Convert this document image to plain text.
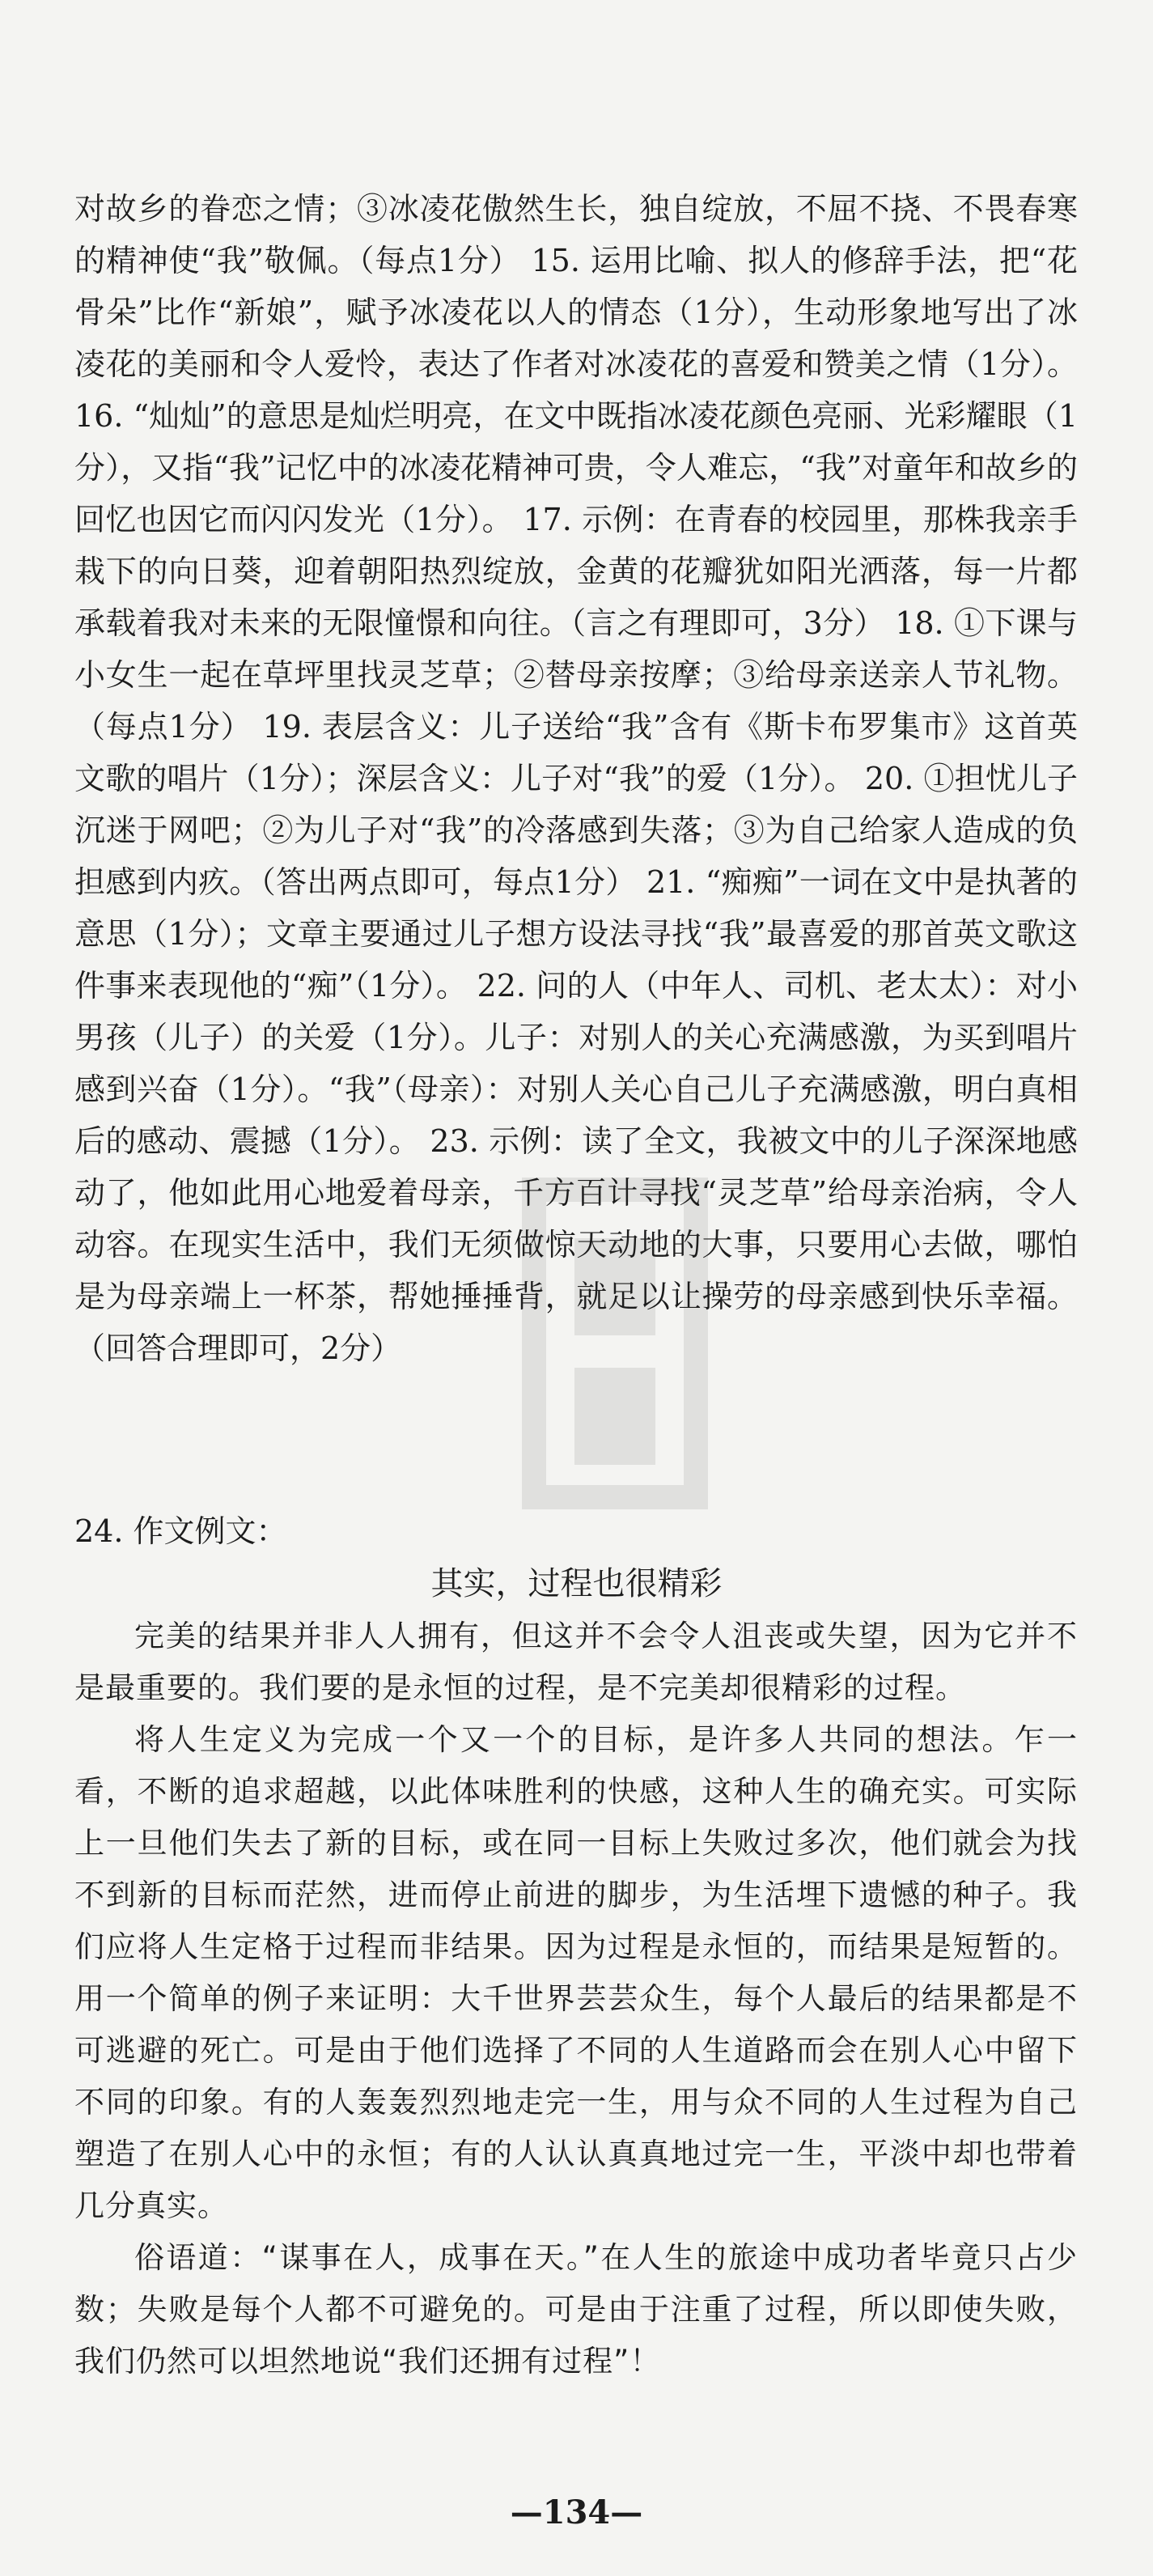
对故乡的眷恋之情；③冰凌花傲然生长，独自绽放，不屈不挠、不畏春寒的精神使“我”敬佩。（每点1分） 15. 运用比喻、拟人的修辞手法，把“花骨朵”比作“新娘”，赋予冰凌花以人的情态（1分），生动形象地写出了冰凌花的美丽和令人爱怜，表达了作者对冰凌花的喜爱和赞美之情（1分）。 16. “灿灿”的意思是灿烂明亮，在文中既指冰凌花颜色亮丽、光彩耀眼（1分），又指“我”记忆中的冰凌花精神可贵，令人难忘，“我”对童年和故乡的回忆也因它而闪闪发光（1分）。 17. 示例：在青春的校园里，那株我亲手栽下的向日葵，迎着朝阳热烈绽放，金黄的花瓣犹如阳光洒落，每一片都承载着我对未来的无限憧憬和向往。（言之有理即可，3分） 18. ①下课与小女生一起在草坪里找灵芝草；②替母亲按摩；③给母亲送亲人节礼物。（每点1分） 19. 表层含义：儿子送给“我”含有《斯卡布罗集市》这首英文歌的唱片（1分）；深层含义：儿子对“我”的爱（1分）。 20. ①担忧儿子沉迷于网吧；②为儿子对“我”的冷落感到失落；③为自己给家人造成的负担感到内疚。（答出两点即可，每点1分） 21. “痴痴”一词在文中是执著的意思（1分）；文章主要通过儿子想方设法寻找“我”最喜爱的那首英文歌这件事来表现他的“痴”（1分）。 22. 问的人（中年人、司机、老太太）：对小男孩（儿子）的关爱（1分）。儿子：对别人的关心充满感激，为买到唱片感到兴奋（1分）。“我”（母亲）：对别人关心自己儿子充满感激，明白真相后的感动、震撼（1分）。 23. 示例：读了全文，我被文中的儿子深深地感动了，他如此用心地爱着母亲，千方百计寻找“灵芝草”给母亲治病，令人动容。在现实生活中，我们无须做惊天动地的大事，只要用心去做，哪怕是为母亲端上一杯茶，帮她捶捶背，就足以让操劳的母亲感到快乐幸福。（回答合理即可，2分）

24. 作文例文：
其实，过程也很精彩

完美的结果并非人人拥有，但这并不会令人沮丧或失望，因为它并不是最重要的。我们要的是永恒的过程，是不完美却很精彩的过程。

将人生定义为完成一个又一个的目标，是许多人共同的想法。乍一看，不断的追求超越，以此体味胜利的快感，这种人生的确充实。可实际上一旦他们失去了新的目标，或在同一目标上失败过多次，他们就会为找不到新的目标而茫然，进而停止前进的脚步，为生活埋下遗憾的种子。我们应将人生定格于过程而非结果。因为过程是永恒的，而结果是短暂的。用一个简单的例子来证明：大千世界芸芸众生，每个人最后的结果都是不可逃避的死亡。可是由于他们选择了不同的人生道路而会在别人心中留下不同的印象。有的人轰轰烈烈地走完一生，用与众不同的人生过程为自己塑造了在别人心中的永恒；有的人认认真真地过完一生，平淡中却也带着几分真实。

俗语道：“谋事在人，成事在天。”在人生的旅途中成功者毕竟只占少数；失败是每个人都不可避免的。可是由于注重了过程，所以即使失败，我们仍然可以坦然地说“我们还拥有过程”！

—134—
